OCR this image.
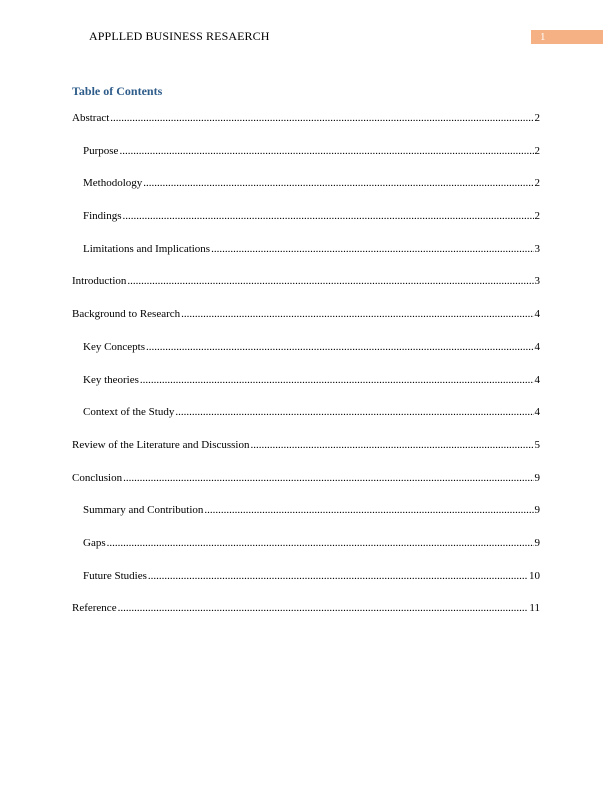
APPLLED BUSINESS RESAERCH	1
Table of Contents
Abstract .....	2
Purpose .....	2
Methodology .....	2
Findings .....	2
Limitations and Implications .....	3
Introduction .....	3
Background to Research .....	4
Key Concepts .....	4
Key theories .....	4
Context of the Study .....	4
Review of the Literature and Discussion .....	5
Conclusion .....	9
Summary and Contribution .....	9
Gaps .....	9
Future Studies .....	10
Reference .....	11
